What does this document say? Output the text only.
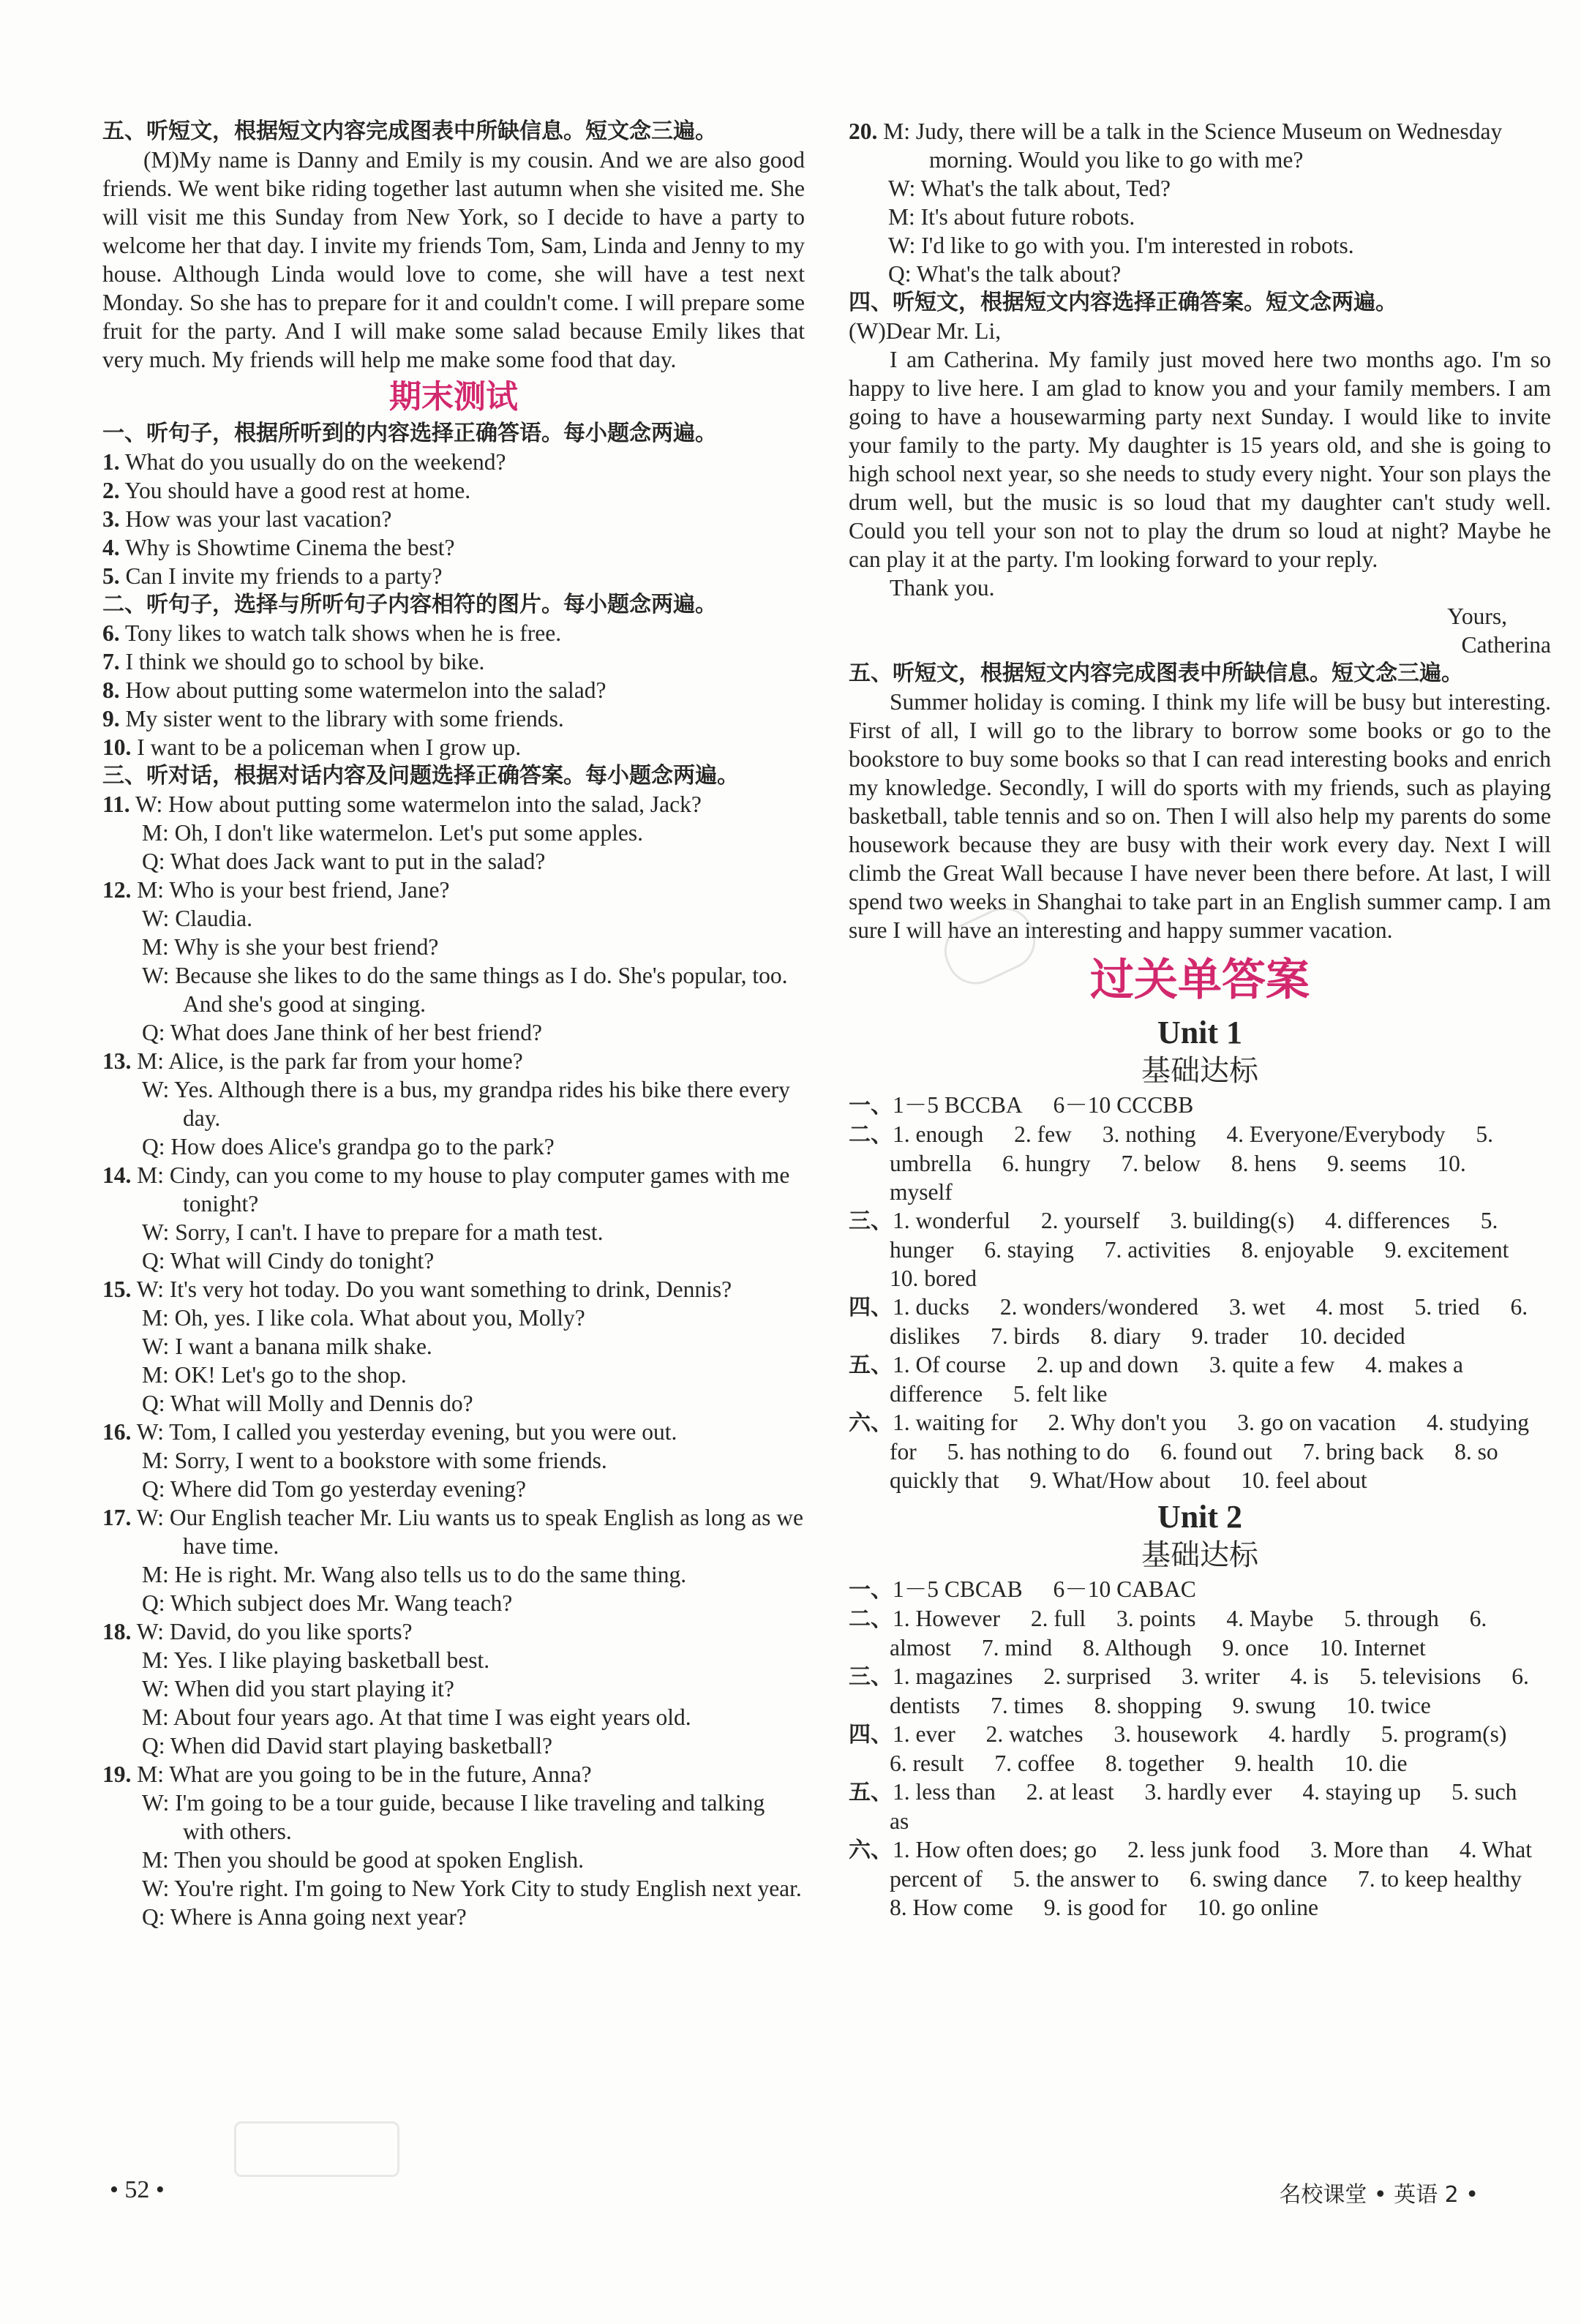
五、听短文，根据短文内容完成图表中所缺信息。短文念三遍。
(M)My name is Danny and Emily is my cousin. And we are also good friends. We went bike riding together last autumn when she visited me. She will visit me this Sunday from New York, so I decide to have a party to welcome her that day. I invite my friends Tom, Sam, Linda and Jenny to my house. Although Linda would love to come, she will have a test next Monday. So she has to prepare for it and couldn't come. I will prepare some fruit for the party. And I will make some salad because Emily likes that very much. My friends will help me make some food that day.
期末测试
一、听句子，根据所听到的内容选择正确答语。每小题念两遍。
1. What do you usually do on the weekend?
2. You should have a good rest at home.
3. How was your last vacation?
4. Why is Showtime Cinema the best?
5. Can I invite my friends to a party?
二、听句子，选择与所听句子内容相符的图片。每小题念两遍。
6. Tony likes to watch talk shows when he is free.
7. I think we should go to school by bike.
8. How about putting some watermelon into the salad?
9. My sister went to the library with some friends.
10. I want to be a policeman when I grow up.
三、听对话，根据对话内容及问题选择正确答案。每小题念两遍。
11. W: How about putting some watermelon into the salad, Jack?
M: Oh, I don't like watermelon. Let's put some apples.
Q: What does Jack want to put in the salad?
12. M: Who is your best friend, Jane?
W: Claudia.
M: Why is she your best friend?
W: Because she likes to do the same things as I do. She's popular, too. And she's good at singing.
Q: What does Jane think of her best friend?
13. M: Alice, is the park far from your home?
W: Yes. Although there is a bus, my grandpa rides his bike there every day.
Q: How does Alice's grandpa go to the park?
14. M: Cindy, can you come to my house to play computer games with me tonight?
W: Sorry, I can't. I have to prepare for a math test.
Q: What will Cindy do tonight?
15. W: It's very hot today. Do you want something to drink, Dennis?
M: Oh, yes. I like cola. What about you, Molly?
W: I want a banana milk shake.
M: OK! Let's go to the shop.
Q: What will Molly and Dennis do?
16. W: Tom, I called you yesterday evening, but you were out.
M: Sorry, I went to a bookstore with some friends.
Q: Where did Tom go yesterday evening?
17. W: Our English teacher Mr. Liu wants us to speak English as long as we have time.
M: He is right. Mr. Wang also tells us to do the same thing.
Q: Which subject does Mr. Wang teach?
18. W: David, do you like sports?
M: Yes. I like playing basketball best.
W: When did you start playing it?
M: About four years ago. At that time I was eight years old.
Q: When did David start playing basketball?
19. M: What are you going to be in the future, Anna?
W: I'm going to be a tour guide, because I like traveling and talking with others.
M: Then you should be good at spoken English.
W: You're right. I'm going to New York City to study English next year.
Q: Where is Anna going next year?
20. M: Judy, there will be a talk in the Science Museum on Wednesday morning. Would you like to go with me?
W: What's the talk about, Ted?
M: It's about future robots.
W: I'd like to go with you. I'm interested in robots.
Q: What's the talk about?
四、听短文，根据短文内容选择正确答案。短文念两遍。
(W)Dear Mr. Li,
I am Catherina. My family just moved here two months ago. I'm so happy to live here. I am glad to know you and your family members. I am going to have a housewarming party next Sunday. I would like to invite your family to the party. My daughter is 15 years old, and she is going to high school next year, so she needs to study every night. Your son plays the drum well, but the music is so loud that my daughter can't study well. Could you tell your son not to play the drum so loud at night? Maybe he can play it at the party. I'm looking forward to your reply.
Thank you.
Yours,
Catherina
五、听短文，根据短文内容完成图表中所缺信息。短文念三遍。
Summer holiday is coming. I think my life will be busy but interesting. First of all, I will go to the library to borrow some books or go to the bookstore to buy some books so that I can read interesting books and enrich my knowledge. Secondly, I will do sports with my friends, such as playing basketball, table tennis and so on. Then I will also help my parents do some housework because they are busy with their work every day. Next I will climb the Great Wall because I have never been there before. At last, I will spend two weeks in Shanghai to take part in an English summer camp. I am sure I will have an interesting and happy summer vacation.
过关单答案
Unit 1
基础达标
一、1－5 BCCBA 6－10 CCCBB
二、1. enough 2. few 3. nothing 4. Everyone/Everybody 5. umbrella 6. hungry 7. below 8. hens 9. seems 10. myself
三、1. wonderful 2. yourself 3. building(s) 4. differences 5. hunger 6. staying 7. activities 8. enjoyable 9. excitement 10. bored
四、1. ducks 2. wonders/wondered 3. wet 4. most 5. tried 6. dislikes 7. birds 8. diary 9. trader 10. decided
五、1. Of course 2. up and down 3. quite a few 4. makes a difference 5. felt like
六、1. waiting for 2. Why don't you 3. go on vacation 4. studying for 5. has nothing to do 6. found out 7. bring back 8. so quickly that 9. What/How about 10. feel about
Unit 2
基础达标
一、1－5 CBCAB 6－10 CABAC
二、1. However 2. full 3. points 4. Maybe 5. through 6. almost 7. mind 8. Although 9. once 10. Internet
三、1. magazines 2. surprised 3. writer 4. is 5. televisions 6. dentists 7. times 8. shopping 9. swung 10. twice
四、1. ever 2. watches 3. housework 4. hardly 5. program(s) 6. result 7. coffee 8. together 9. health 10. die
五、1. less than 2. at least 3. hardly ever 4. staying up 5. such as
六、1. How often does; go 2. less junk food 3. More than 4. What percent of 5. the answer to 6. swing dance 7. to keep healthy 8. How come 9. is good for 10. go online
• 52 •	名校课堂 • 英语 2 •
